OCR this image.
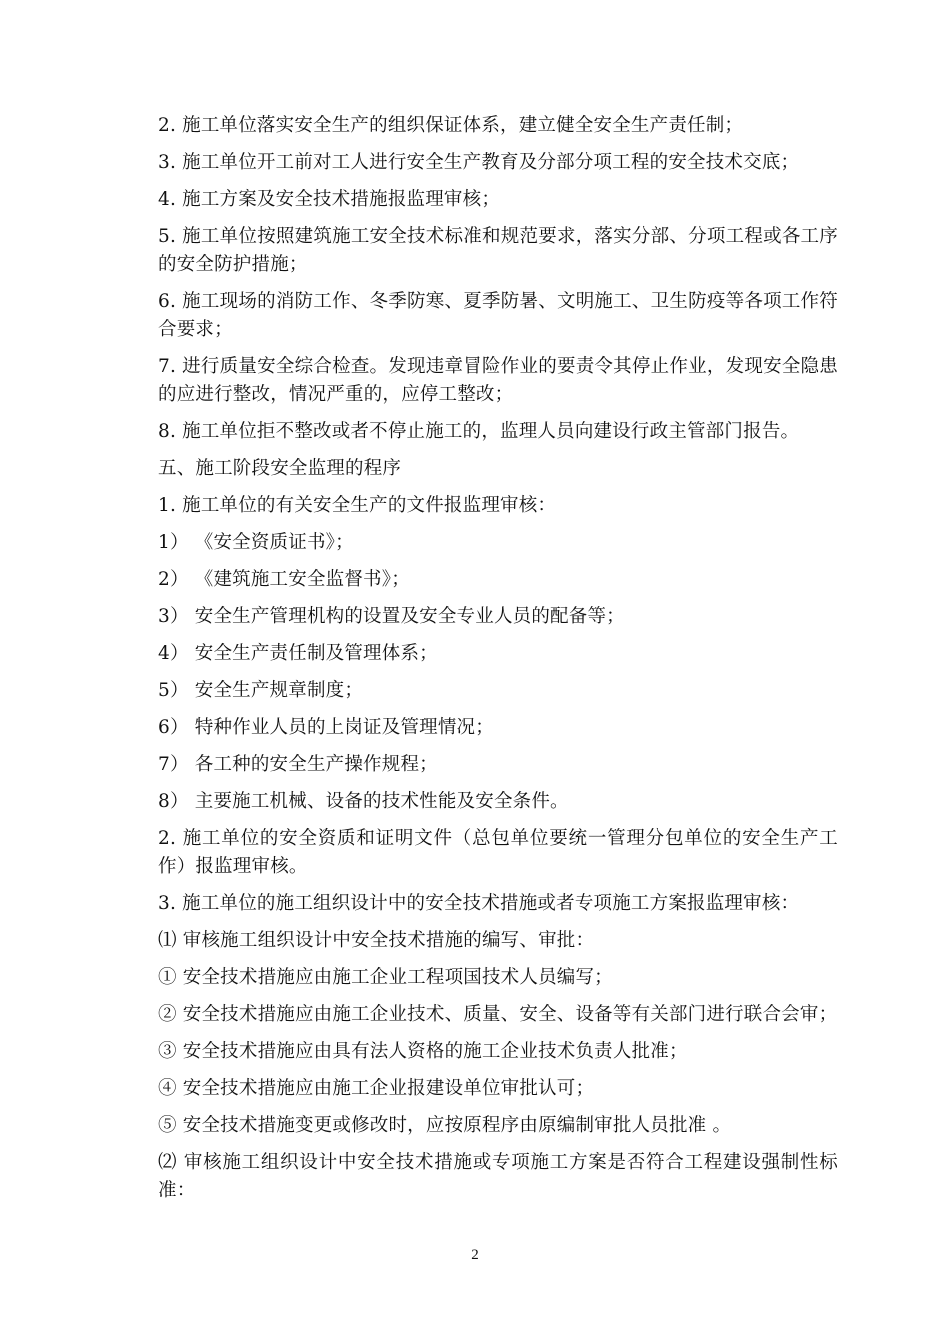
2. 施工单位落实安全生产的组织保证体系，建立健全安全生产责任制；

3. 施工单位开工前对工人进行安全生产教育及分部分项工程的安全技术交底；

4. 施工方案及安全技术措施报监理审核；

5. 施工单位按照建筑施工安全技术标准和规范要求，落实分部、分项工程或各工序的安全防护措施；

6. 施工现场的消防工作、冬季防寒、夏季防暑、文明施工、卫生防疫等各项工作符合要求；

7. 进行质量安全综合检查。发现违章冒险作业的要责令其停止作业，发现安全隐患的应进行整改，情况严重的，应停工整改；

8. 施工单位拒不整改或者不停止施工的，监理人员向建设行政主管部门报告。

五、施工阶段安全监理的程序

1. 施工单位的有关安全生产的文件报监理审核：

1） 《安全资质证书》；

2） 《建筑施工安全监督书》；

3） 安全生产管理机构的设置及安全专业人员的配备等；

4） 安全生产责任制及管理体系；

5） 安全生产规章制度；

6） 特种作业人员的上岗证及管理情况；

7） 各工种的安全生产操作规程；

8） 主要施工机械、设备的技术性能及安全条件。

2. 施工单位的安全资质和证明文件（总包单位要统一管理分包单位的安全生产工作）报监理审核。

3. 施工单位的施工组织设计中的安全技术措施或者专项施工方案报监理审核：

⑴ 审核施工组织设计中安全技术措施的编写、审批：

① 安全技术措施应由施工企业工程项国技术人员编写；

② 安全技术措施应由施工企业技术、质量、安全、设备等有关部门进行联合会审；

③ 安全技术措施应由具有法人资格的施工企业技术负责人批准；

④ 安全技术措施应由施工企业报建设单位审批认可；

⑤ 安全技术措施变更或修改时，应按原程序由原编制审批人员批准 。

⑵ 审核施工组织设计中安全技术措施或专项施工方案是否符合工程建设强制性标准：

2
